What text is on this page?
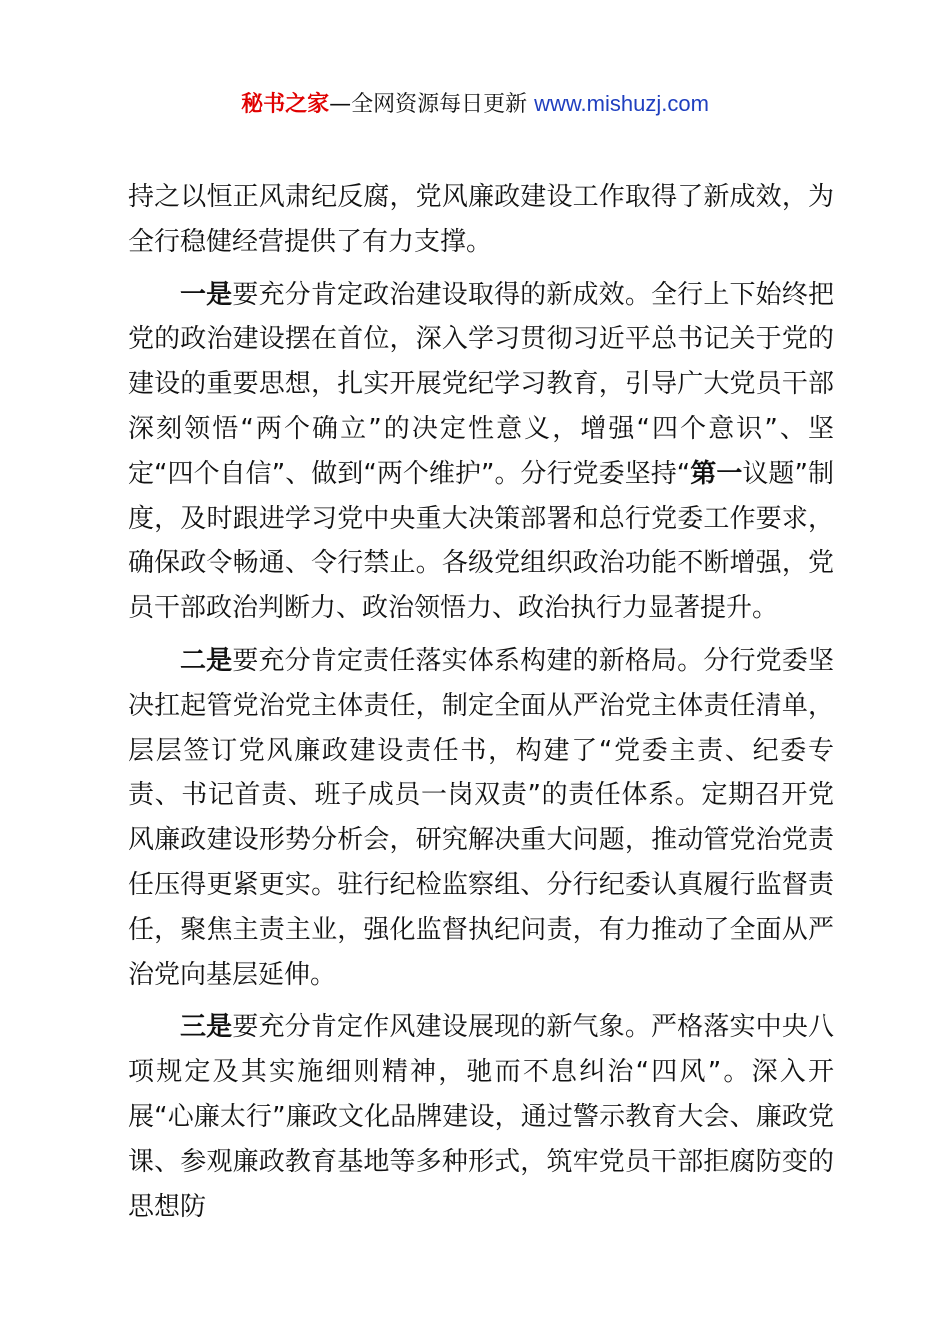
秘书之家—全网资源每日更新 www.mishuzj.com

持之以恒正风肃纪反腐，党风廉政建设工作取得了新成效，为全行稳健经营提供了有力支撑。

一是要充分肯定政治建设取得的新成效。全行上下始终把党的政治建设摆在首位，深入学习贯彻习近平总书记关于党的建设的重要思想，扎实开展党纪学习教育，引导广大党员干部深刻领悟“两个确立”的决定性意义，增强“四个意识”、坚定“四个自信”、做到“两个维护”。分行党委坚持“第一议题”制度，及时跟进学习党中央重大决策部署和总行党委工作要求，确保政令畅通、令行禁止。各级党组织政治功能不断增强，党员干部政治判断力、政治领悟力、政治执行力显著提升。

二是要充分肯定责任落实体系构建的新格局。分行党委坚决扛起管党治党主体责任，制定全面从严治党主体责任清单，层层签订党风廉政建设责任书，构建了“党委主责、纪委专责、书记首责、班子成员一岗双责”的责任体系。定期召开党风廉政建设形势分析会，研究解决重大问题，推动管党治党责任压得更紧更实。驻行纪检监察组、分行纪委认真履行监督责任，聚焦主责主业，强化监督执纪问责，有力推动了全面从严治党向基层延伸。

三是要充分肯定作风建设展现的新气象。严格落实中央八项规定及其实施细则精神，驰而不息纠治“四风”。深入开展“心廉太行”廉政文化品牌建设，通过警示教育大会、廉政党课、参观廉政教育基地等多种形式，筑牢党员干部拒腐防变的思想防
